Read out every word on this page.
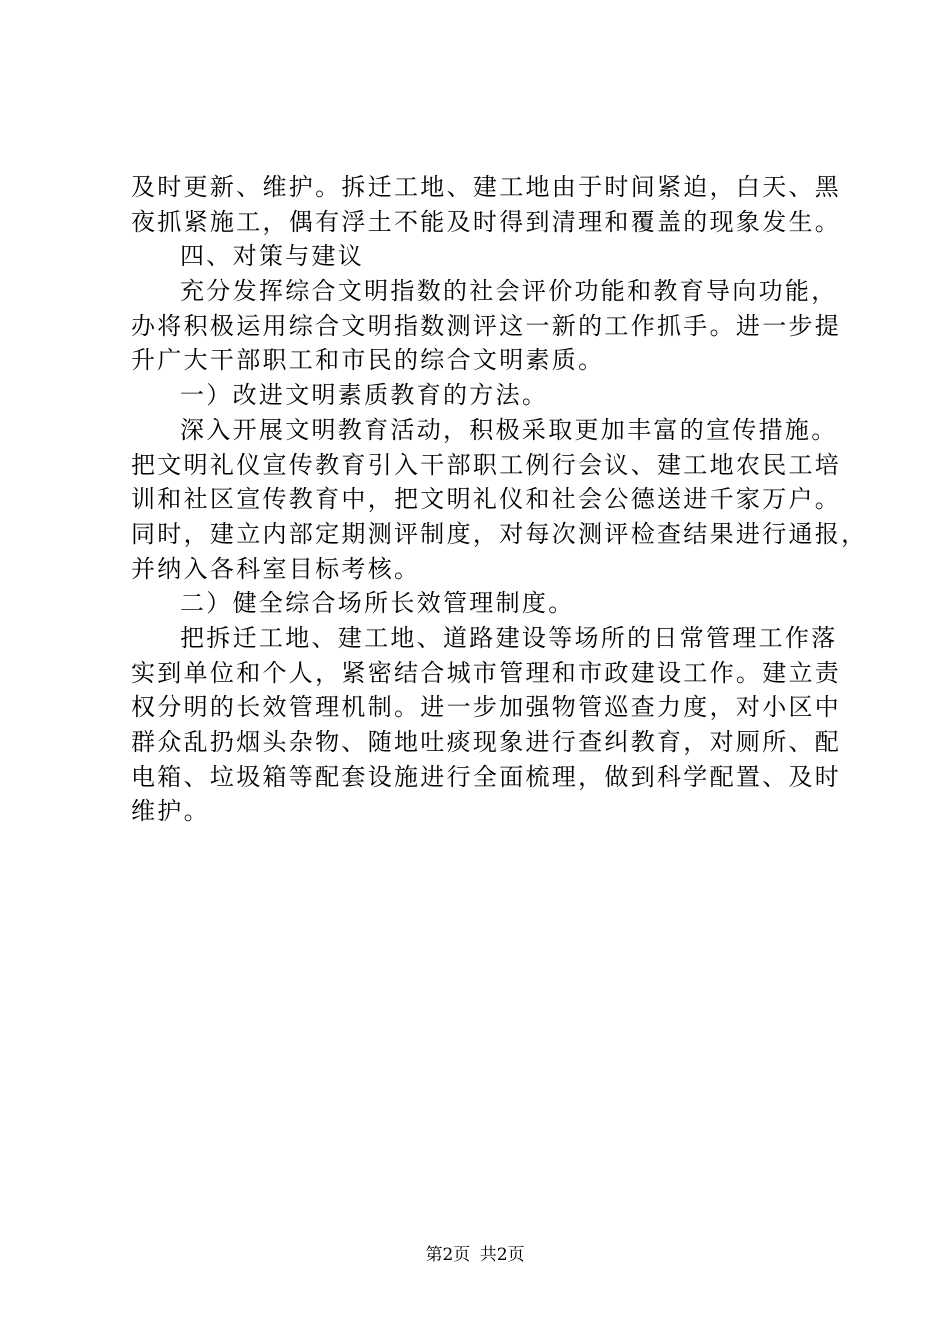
及时更新、维护。拆迁工地、建工地由于时间紧迫，白天、黑
夜抓紧施工，偶有浮土不能及时得到清理和覆盖的现象发生。
四、对策与建议
充分发挥综合文明指数的社会评价功能和教育导向功能，
办将积极运用综合文明指数测评这一新的工作抓手。进一步提
升广大干部职工和市民的综合文明素质。
一）改进文明素质教育的方法。
深入开展文明教育活动，积极采取更加丰富的宣传措施。
把文明礼仪宣传教育引入干部职工例行会议、建工地农民工培
训和社区宣传教育中，把文明礼仪和社会公德送进千家万户。
同时，建立内部定期测评制度，对每次测评检查结果进行通报，
并纳入各科室目标考核。
二）健全综合场所长效管理制度。
把拆迁工地、建工地、道路建设等场所的日常管理工作落
实到单位和个人，紧密结合城市管理和市政建设工作。建立责
权分明的长效管理机制。进一步加强物管巡查力度，对小区中
群众乱扔烟头杂物、随地吐痰现象进行查纠教育，对厕所、配
电箱、垃圾箱等配套设施进行全面梳理，做到科学配置、及时
维护。
第2页 共2页
